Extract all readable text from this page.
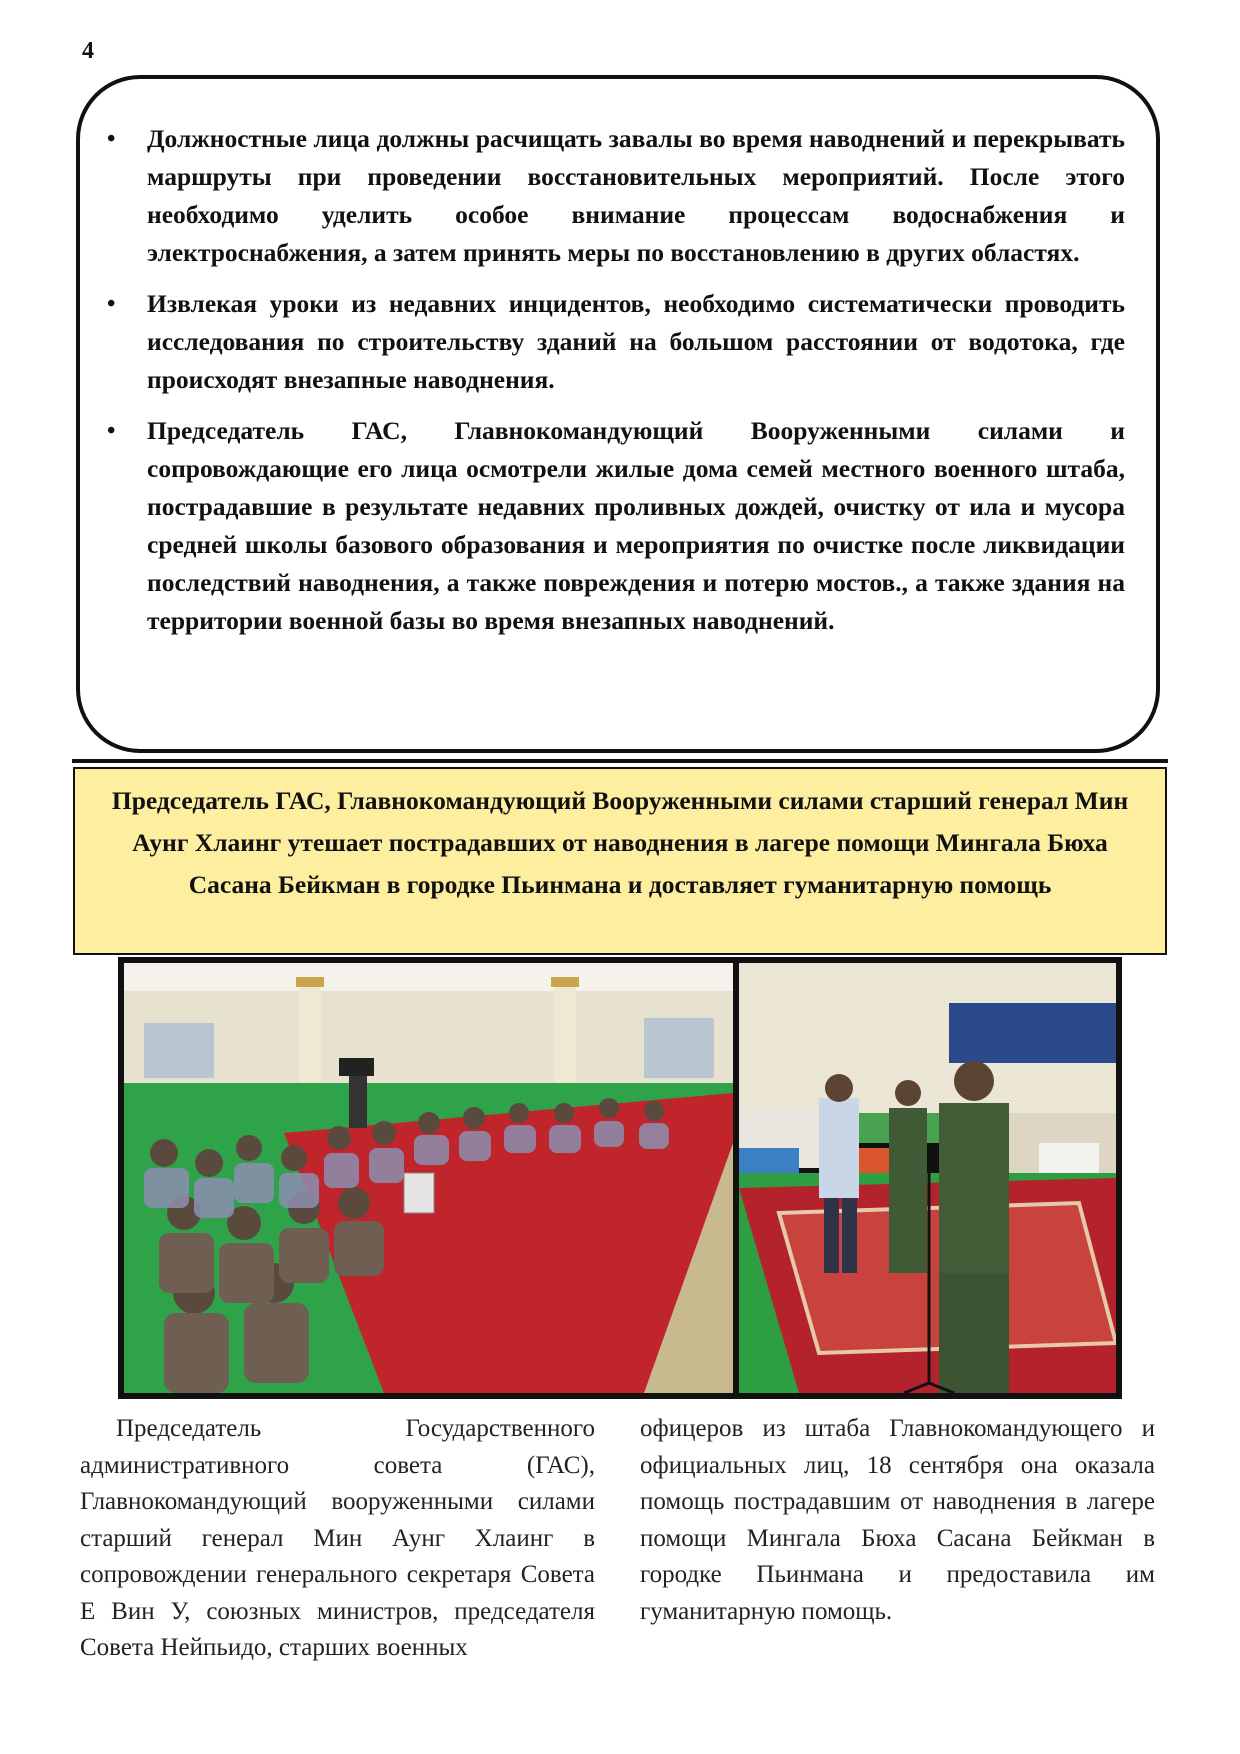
4
• Должностные лица должны расчищать завалы во время наводнений и перекрывать маршруты при проведении восстановительных мероприятий. После этого необходимо уделить особое внимание процессам водоснабжения и электроснабжения, а затем принять меры по восстановлению в других областях.
• Извлекая уроки из недавних инцидентов, необходимо систематически проводить исследования по строительству зданий на большом расстоянии от водотока, где происходят внезапные наводнения.
• Председатель ГАС, Главнокомандующий Вооруженными силами и сопровождающие его лица осмотрели жилые дома семей местного военного штаба, пострадавшие в результате недавних проливных дождей, очистку от ила и мусора средней школы базового образования и мероприятия по очистке после ликвидации последствий наводнения, а также повреждения и потерю мостов., а также здания на территории военной базы во время внезапных наводнений.
Председатель ГАС, Главнокомандующий Вооруженными силами старший генерал Мин Аунг Хлаинг утешает пострадавших от наводнения в лагере помощи Мингала Бюха Сасана Бейкман в городке Пьинмана и доставляет гуманитарную помощь
Председатель Государственного административного совета (ГАС), Главнокомандующий вооруженными силами старший генерал Мин Аунг Хлаинг в сопровождении генерального секретаря Совета Е Вин У, союзных министров, председателя Совета Нейпьидо, старших военных
офицеров из штаба Главнокомандующего и официальных лиц, 18 сентября она оказала помощь пострадавшим от наводнения в лагере помощи Мингала Бюха Сасана Бейкман в городке Пьинмана и предоставила им гуманитарную помощь.
